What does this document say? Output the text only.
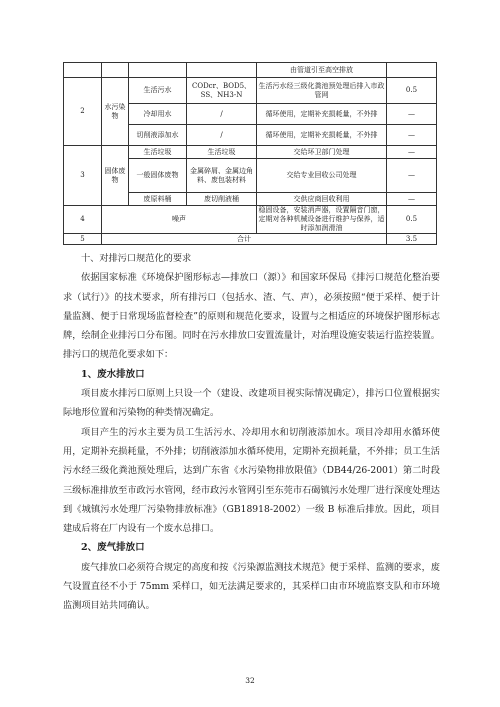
				由管道引至高空排放	
2	水污染物	生活污水	CODcr、BOD5、SS、NH3-N	生活污水经三级化粪池预处理后排入市政管网	0.5
		冷却用水	/	循环使用，定期补充损耗量，不外排	—
		切削液添加水	/	循环使用，定期补充损耗量，不外排	—
3	固体废物	生活垃圾	生活垃圾	交给环卫部门处理	—
		一般固体废物	金属碎屑、金属边角料、废包装材料	交给专业回收公司处理	—
		废原料桶	废切削液桶	交供应商回收利用	—
4	噪声			稳固设备，安装消声器，设置隔音门窗，定期对各种机械设备进行维护与保养，适时添加润滑油	0.5
5	合计				3.5

十、对排污口规范化的要求

依据国家标准《环境保护图形标志—排放口（源）》和国家环保局《排污口规范化整治要求（试行）》的技术要求，所有排污口（包括水、渣、气、声），必须按照“便于采样、便于计量监测、便于日常现场监督检查”的原则和规范化要求，设置与之相适应的环境保护图形标志牌，绘制企业排污口分布图。同时在污水排放口安置流量计，对治理设施安装运行监控装置。排污口的规范化要求如下：

1、废水排放口

项目废水排污口原则上只设一个（建设、改建项目视实际情况确定），排污口位置根据实际地形位置和污染物的种类情况确定。

项目产生的污水主要为员工生活污水、冷却用水和切削液添加水。项目冷却用水循环使用，定期补充损耗量，不外排；切削液添加水循环使用，定期补充损耗量，不外排；员工生活污水经三级化粪池预处理后，达到广东省《水污染物排放限值》（DB44/26-2001）第二时段三级标准排放至市政污水管网，经市政污水管网引至东莞市石碣镇污水处理厂进行深度处理达到《城镇污水处理厂污染物排放标准》（GB18918-2002）一级 B 标准后排放。因此，项目建成后将在厂内设有一个废水总排口。

2、废气排放口

废气排放口必须符合规定的高度和按《污染源监测技术规范》便于采样、监测的要求，废气设置直径不小于 75mm 采样口，如无法满足要求的，其采样口由市环境监察支队和市环境监测项目站共同确认。

32
